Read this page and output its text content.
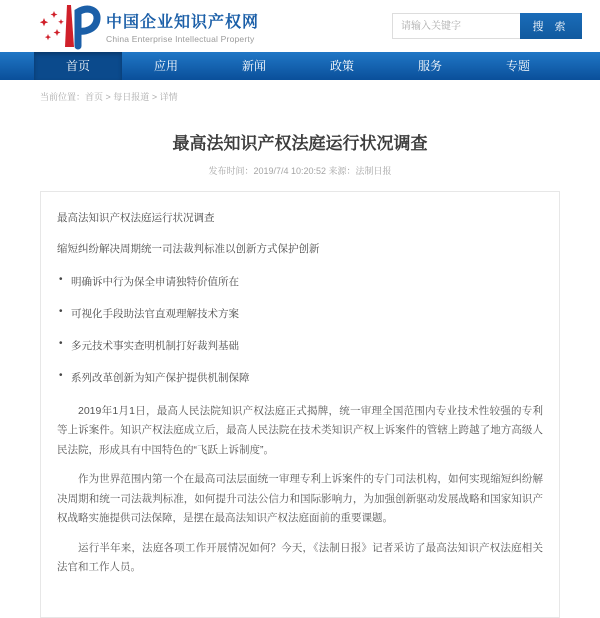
中国企业知识产权网
China Enterprise Intellectual Property
请输入关键字
搜 索
首页	应用	新闻	政策	服务	专题
当前位置：首页 > 每日报道 > 详情
最高法知识产权法庭运行状况调查
发布时间：2019/7/4 10:20:52 来源：法制日报
最高法知识产权法庭运行状况调查
缩短纠纷解决周期统一司法裁判标准以创新方式保护创新
• 明确诉中行为保全申请独特价值所在
• 可视化手段助法官直观理解技术方案
• 多元技术事实查明机制打好裁判基础
• 系列改革创新为知产保护提供机制保障

2019年1月1日，最高人民法院知识产权法庭正式揭牌，统一审理全国范围内专业技术性较强的专利等上诉案件。知识产权法庭成立后，最高人民法院在技术类知识产权上诉案件的管辖上跨越了地方高级人民法院，形成具有中国特色的“飞跃上诉制度”。

作为世界范围内第一个在最高司法层面统一审理专利上诉案件的专门司法机构，如何实现缩短纠纷解决周期和统一司法裁判标准，如何提升司法公信力和国际影响力，为加强创新驱动发展战略和国家知识产权战略实施提供司法保障，是摆在最高法知识产权法庭面前的重要课题。

运行半年来，法庭各项工作开展情况如何？今天，《法制日报》记者采访了最高法知识产权法庭相关法官和工作人员。
